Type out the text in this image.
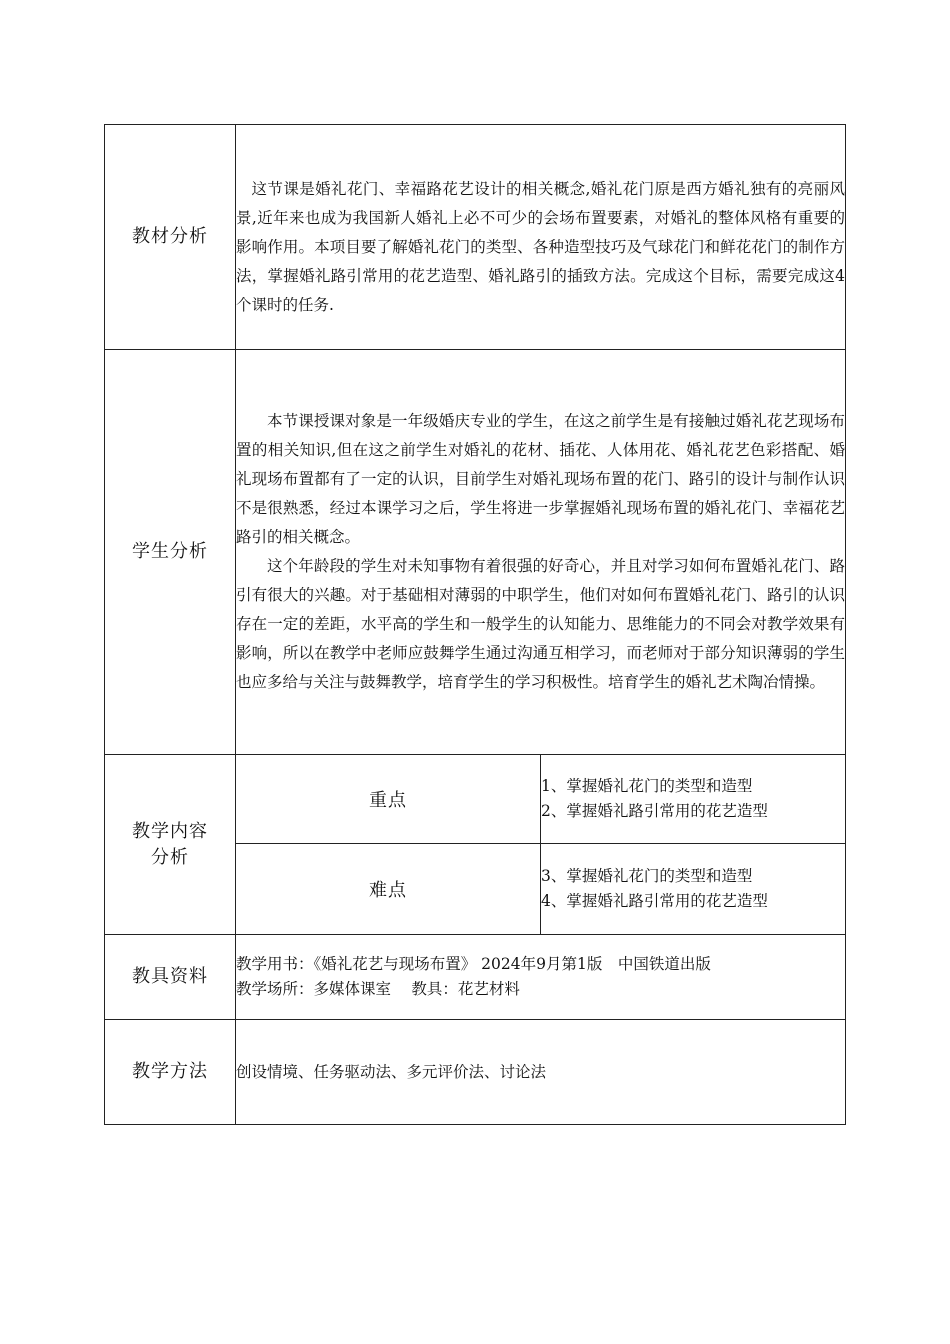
教材分析	这节课是婚礼花门、幸福路花艺设计的相关概念,婚礼花门原是西方婚礼独有的亮丽风景,近年来也成为我国新人婚礼上必不可少的会场布置要素，对婚礼的整体风格有重要的影响作用。本项目要了解婚礼花门的类型、各种造型技巧及气球花门和鲜花花门的制作方法，掌握婚礼路引常用的花艺造型、婚礼路引的插致方法。完成这个目标，需要完成这4个课时的任务.	

学生分析	本节课授课对象是一年级婚庆专业的学生，在这之前学生是有接触过婚礼花艺现场布置的相关知识,但在这之前学生对婚礼的花材、插花、人体用花、婚礼花艺色彩搭配、婚礼现场布置都有了一定的认识，目前学生对婚礼现场布置的花门、路引的设计与制作认识不是很熟悉，经过本课学习之后，学生将进一步掌握婚礼现场布置的婚礼花门、幸福花艺路引的相关概念。

这个年龄段的学生对未知事物有着很强的好奇心，并且对学习如何布置婚礼花门、路引有很大的兴趣。对于基础相对薄弱的中职学生，他们对如何布置婚礼花门、路引的认识存在一定的差距，水平高的学生和一般学生的认知能力、思维能力的不同会对教学效果有影响，所以在教学中老师应鼓舞学生通过沟通互相学习，而老师对于部分知识薄弱的学生也应多给与关注与鼓舞教学，培育学生的学习积极性。培育学生的婚礼艺术陶冶情操。	

教学内容
分析	重点	1、掌握婚礼花门的类型和造型
2、掌握婚礼路引常用的花艺造型

	难点	3、掌握婚礼花门的类型和造型
4、掌握婚礼路引常用的花艺造型

教具资料	教学用书：《婚礼花艺与现场布置》 2024年9月第1版　中国铁道出版
教学场所：多媒体课室　 教具：花艺材料	

教学方法	创设情境、任务驱动法、多元评价法、讨论法	
